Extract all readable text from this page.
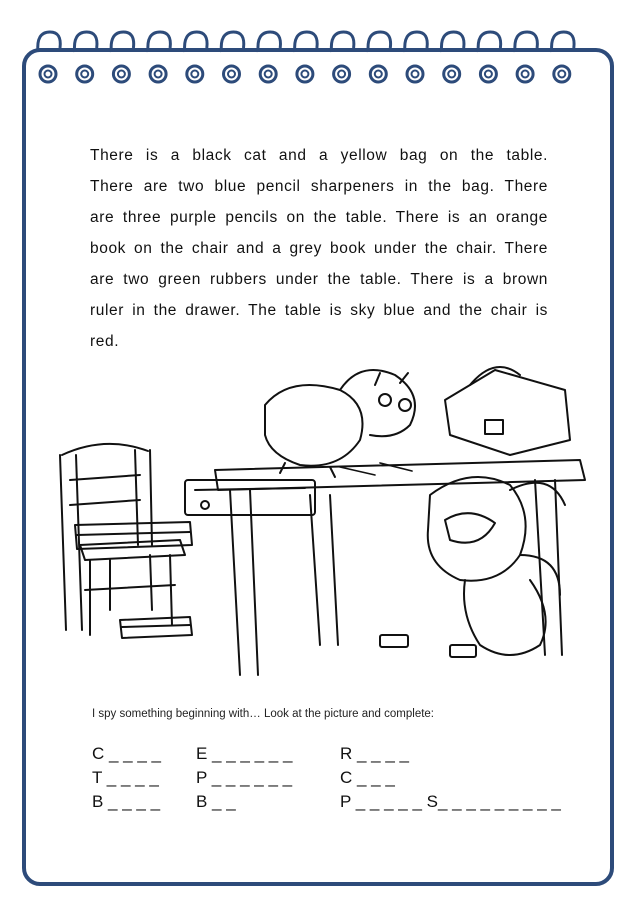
There is a black cat and a yellow bag on the table. There are two blue pencil sharpeners in the bag. There are three purple pencils on the table. There is an orange book on the chair and a grey book under the chair. There are two green rubbers under the table. There is a brown ruler in the drawer. The table is sky blue and the chair is red.

I spy something beginning with… Look at the picture and complete:
C _ _ _ _ E _ _ _ _ _ _	R _ _ _ _
T _ _ _ _ P _ _ _ _ _ _	C _ _ _
B _ _ _ _ B _ _	P _ _ _ _ _ S_ _ _ _ _ _ _ _ _
